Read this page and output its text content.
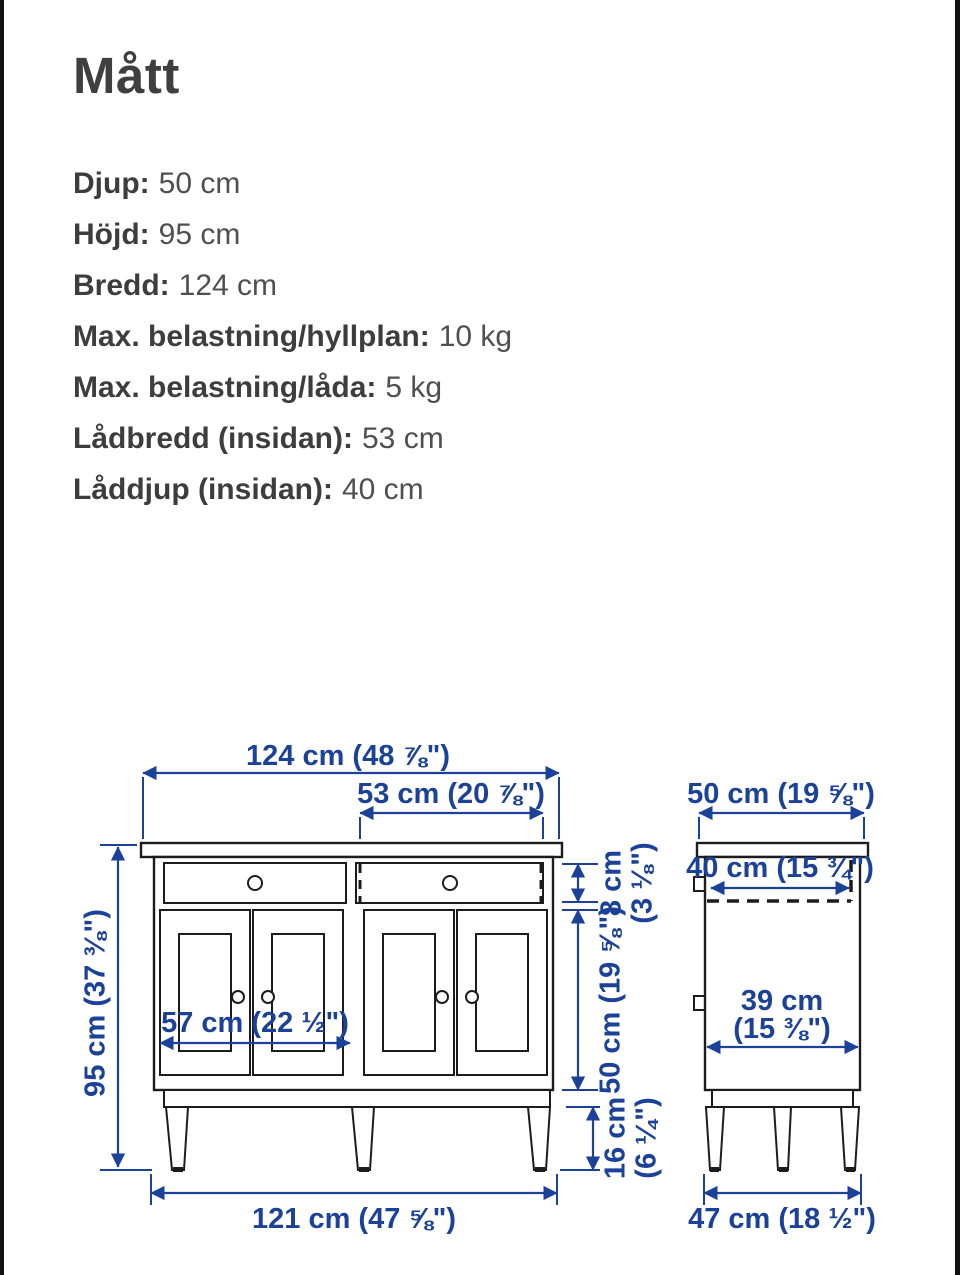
Mått
Djup: 50 cm
Höjd: 95 cm
Bredd: 124 cm
Max. belastning/hyllplan: 10 kg
Max. belastning/låda: 5 kg
Lådbredd (insidan): 53 cm
Låddjup (insidan): 40 cm
124 cm (48 ⅞")
53 cm (20 ⅞")
95 cm (37 ⅜")
8 cm (3 ⅛")
50 cm (19 ⅝")
57 cm (22 ½")
16 cm (6 ¼")
121 cm (47 ⅝")
50 cm (19 ⅝")
40 cm (15 ¾")
39 cm
(15 ⅜")
47 cm (18 ½")
